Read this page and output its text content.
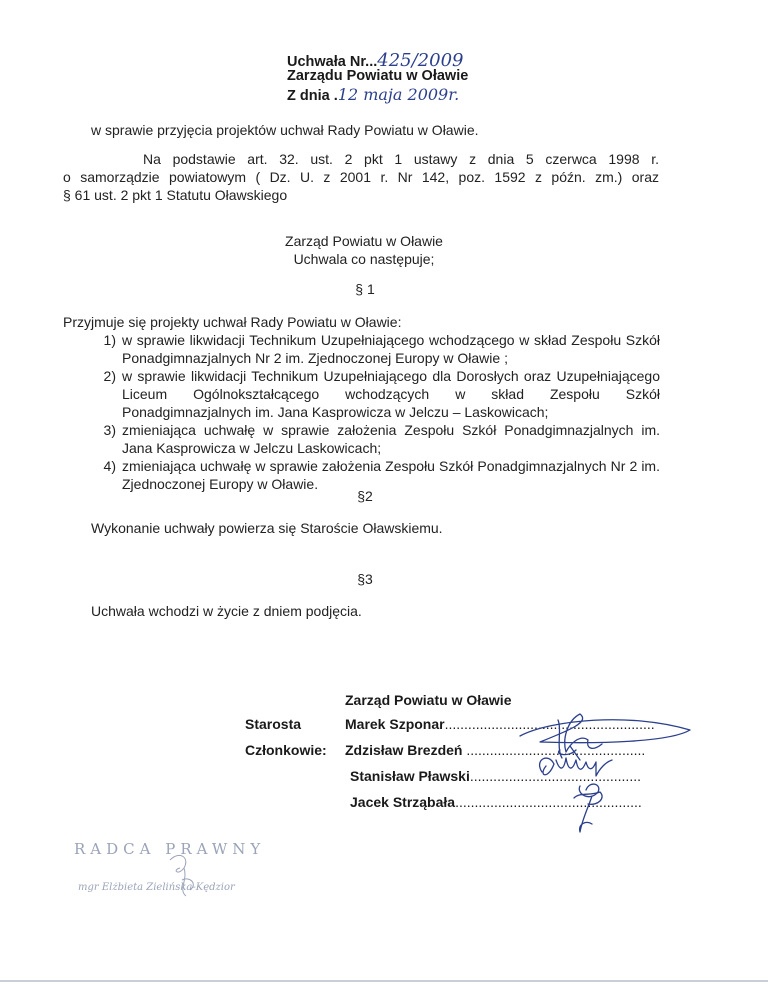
Uchwała Nr...425/2009
Zarządu Powiatu w Oławie
Z dnia .12 maja 2009r.
w sprawie przyjęcia projektów uchwał Rady Powiatu w Oławie.
Na podstawie art. 32. ust. 2 pkt 1 ustawy z dnia 5 czerwca 1998 r.
o samorządzie powiatowym ( Dz. U. z 2001 r. Nr 142, poz. 1592 z późn. zm.) oraz
§ 61 ust. 2 pkt 1 Statutu Oławskiego
Zarząd Powiatu w Oławie
Uchwala co następuje;
§ 1
Przyjmuje się projekty uchwał Rady Powiatu w Oławie:
1) w sprawie likwidacji Technikum Uzupełniającego wchodzącego w skład Zespołu Szkół Ponadgimnazjalnych Nr 2 im. Zjednoczonej Europy w Oławie ;
2) w sprawie likwidacji Technikum Uzupełniającego dla Dorosłych oraz Uzupełniającego Liceum Ogólnokształcącego wchodzących w skład Zespołu Szkół Ponadgimnazjalnych im. Jana Kasprowicza w Jelczu – Laskowicach;
3) zmieniająca uchwałę w sprawie założenia Zespołu Szkół Ponadgimnazjalnych im. Jana Kasprowicza w Jelczu Laskowicach;
4) zmieniająca uchwałę w sprawie założenia Zespołu Szkół Ponadgimnazjalnych Nr 2 im. Zjednoczonej Europy w Oławie.
§2
Wykonanie uchwały powierza się Staroście Oławskiemu.
§3
Uchwała wchodzi w życie z dniem podjęcia.
Zarząd Powiatu w Oławie
Starosta
Członkowie:
Marek Szponar......................................................
Zdzisław Brezdeń ..............................................
Stanisław Pławski............................................
Jacek Strząbała................................................
RADCA PRAWNY
mgr Elżbieta Zielińska-Kędzior
